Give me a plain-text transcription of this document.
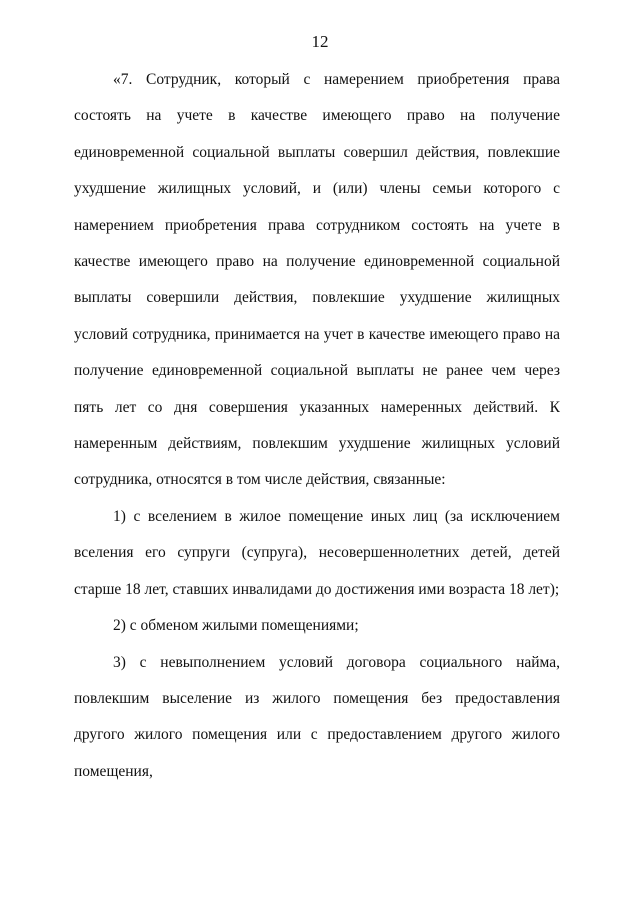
12

«7. Сотрудник, который с намерением приобретения права состоять на учете в качестве имеющего право на получение единовременной социальной выплаты совершил действия, повлекшие ухудшение жилищных условий, и (или) члены семьи которого с намерением приобретения права сотрудником состоять на учете в качестве имеющего право на получение единовременной социальной выплаты совершили действия, повлекшие ухудшение жилищных условий сотрудника, принимается на учет в качестве имеющего право на получение единовременной социальной выплаты не ранее чем через пять лет со дня совершения указанных намеренных действий. К намеренным действиям, повлекшим ухудшение жилищных условий сотрудника, относятся в том числе действия, связанные:

1) с вселением в жилое помещение иных лиц (за исключением вселения его супруги (супруга), несовершеннолетних детей, детей старше 18 лет, ставших инвалидами до достижения ими возраста 18 лет);

2) с обменом жилыми помещениями;

3) с невыполнением условий договора социального найма, повлекшим выселение из жилого помещения без предоставления другого жилого помещения или с предоставлением другого жилого помещения,
